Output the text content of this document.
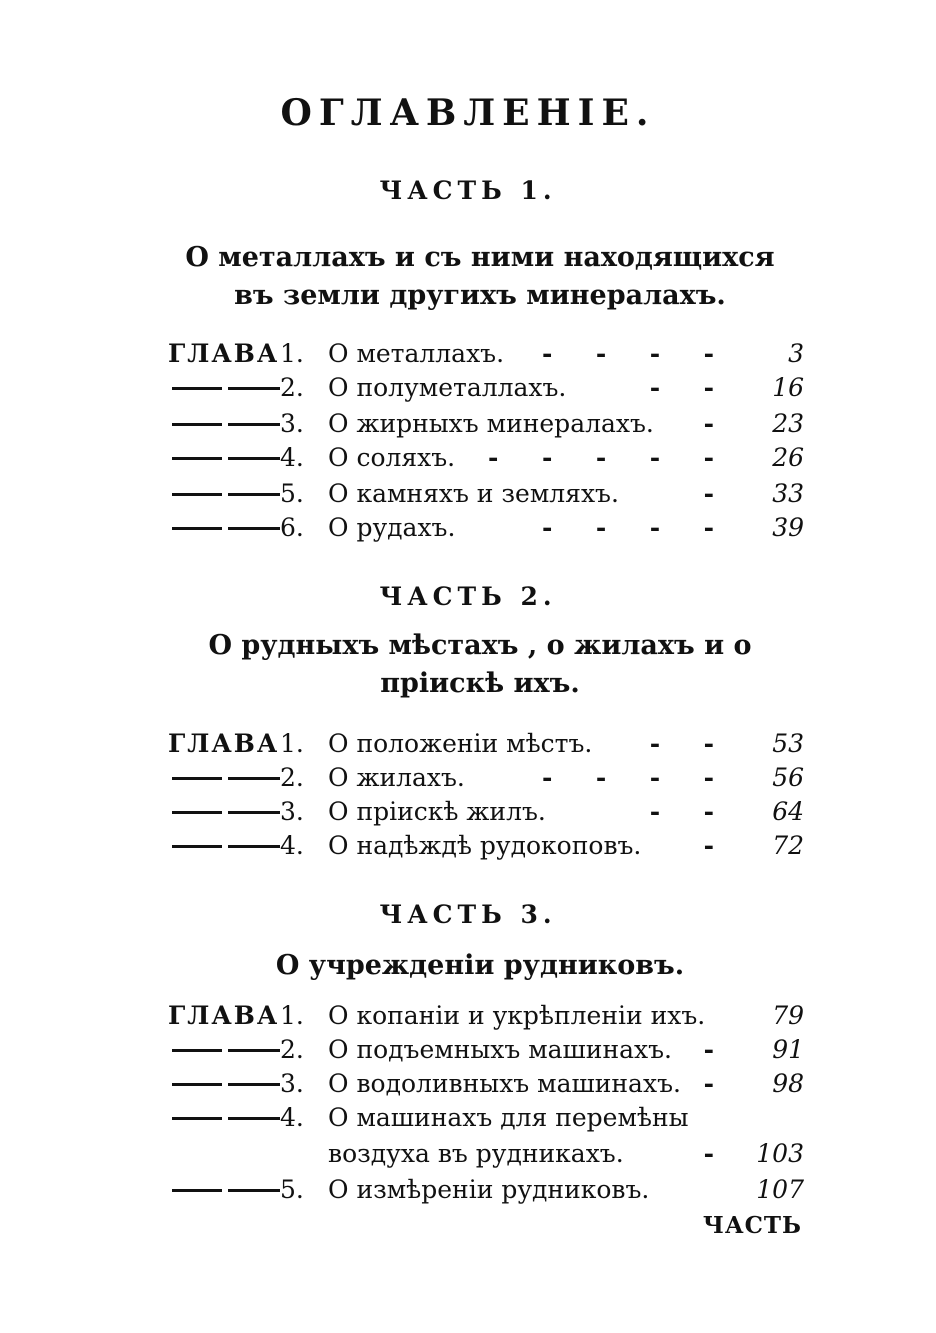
ОГЛАВЛЕНІЕ.
ЧАСТЬ 1.
О металлахъ и съ ними находящихся
въ земли другихъ минералахъ.
ГЛАВА 1. О металлахъ. -     -     -     -	3
2. О полуметаллахъ.	-     -	16
3. О жирныхъ минералахъ. -	23
4. О соляхъ. -     -     -     -     -	26
5. О камняхъ и земляхъ.	-	33
6. О рудахъ.	-     -     -     -	39
ЧАСТЬ 2.
О рудныхъ мѣстахъ , о жилахъ и о
пріискѣ ихъ.
ГЛАВА 1. О положеніи мѣстъ. -     -	53
2. О жилахъ.	-     -     -     -	56
3. О пріискѣ жилъ.	-     -	64
4. О надѣждѣ рудокоповъ. -	72
ЧАСТЬ 3.
О учрежденіи рудниковъ.
ГЛАВА 1. О копаніи и укрѣпленіи ихъ.	79
2. О подъемныхъ машинахъ. -	91
3. О водоливныхъ машинахъ. -	98
4. О машинахъ для перемѣны
воздуха въ рудникахъ.	-	103
5. О измѣреніи рудниковъ.	107
ЧАСТЬ
